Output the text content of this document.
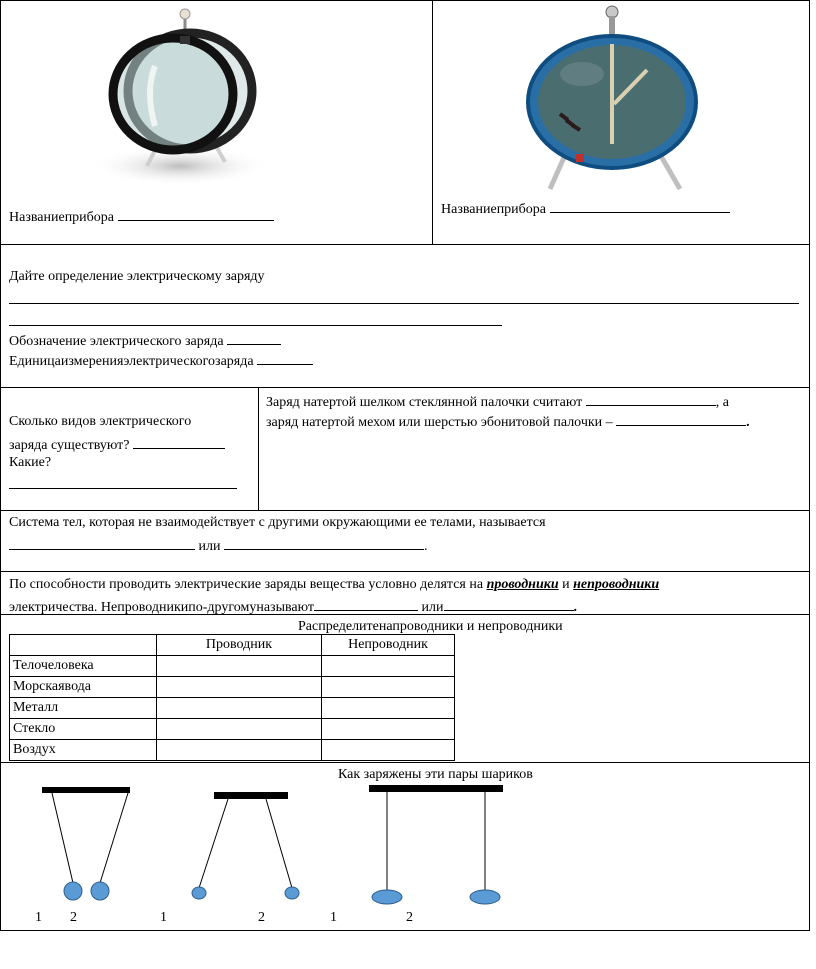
Названиеприбора
Названиеприбора
Дайте определение электрическому заряду
Обозначение электрического заряда
Единицаизмеренияэлектрическогозаряда
Сколько видов электрического
заряда существуют?
Какие?
Заряд натертой шелком стеклянной палочки считают	, а
заряд натертой мехом или шерстью эбонитовой палочки –	.
Система тел, которая не взаимодействует с другими окружающими ее телами, называется
или	.
По способности проводить электрические заряды вещества условно делятся на проводники и непроводники
электричества. Непроводникипо-другомуназывают	или	.
Распределитенапроводники и непроводники
	Проводник	Непроводник
Телочеловека		
Морскаявода		
Металл		
Стекло		
Воздух		
Как заряжены эти пары шариков
1 2	1	2	1	2
